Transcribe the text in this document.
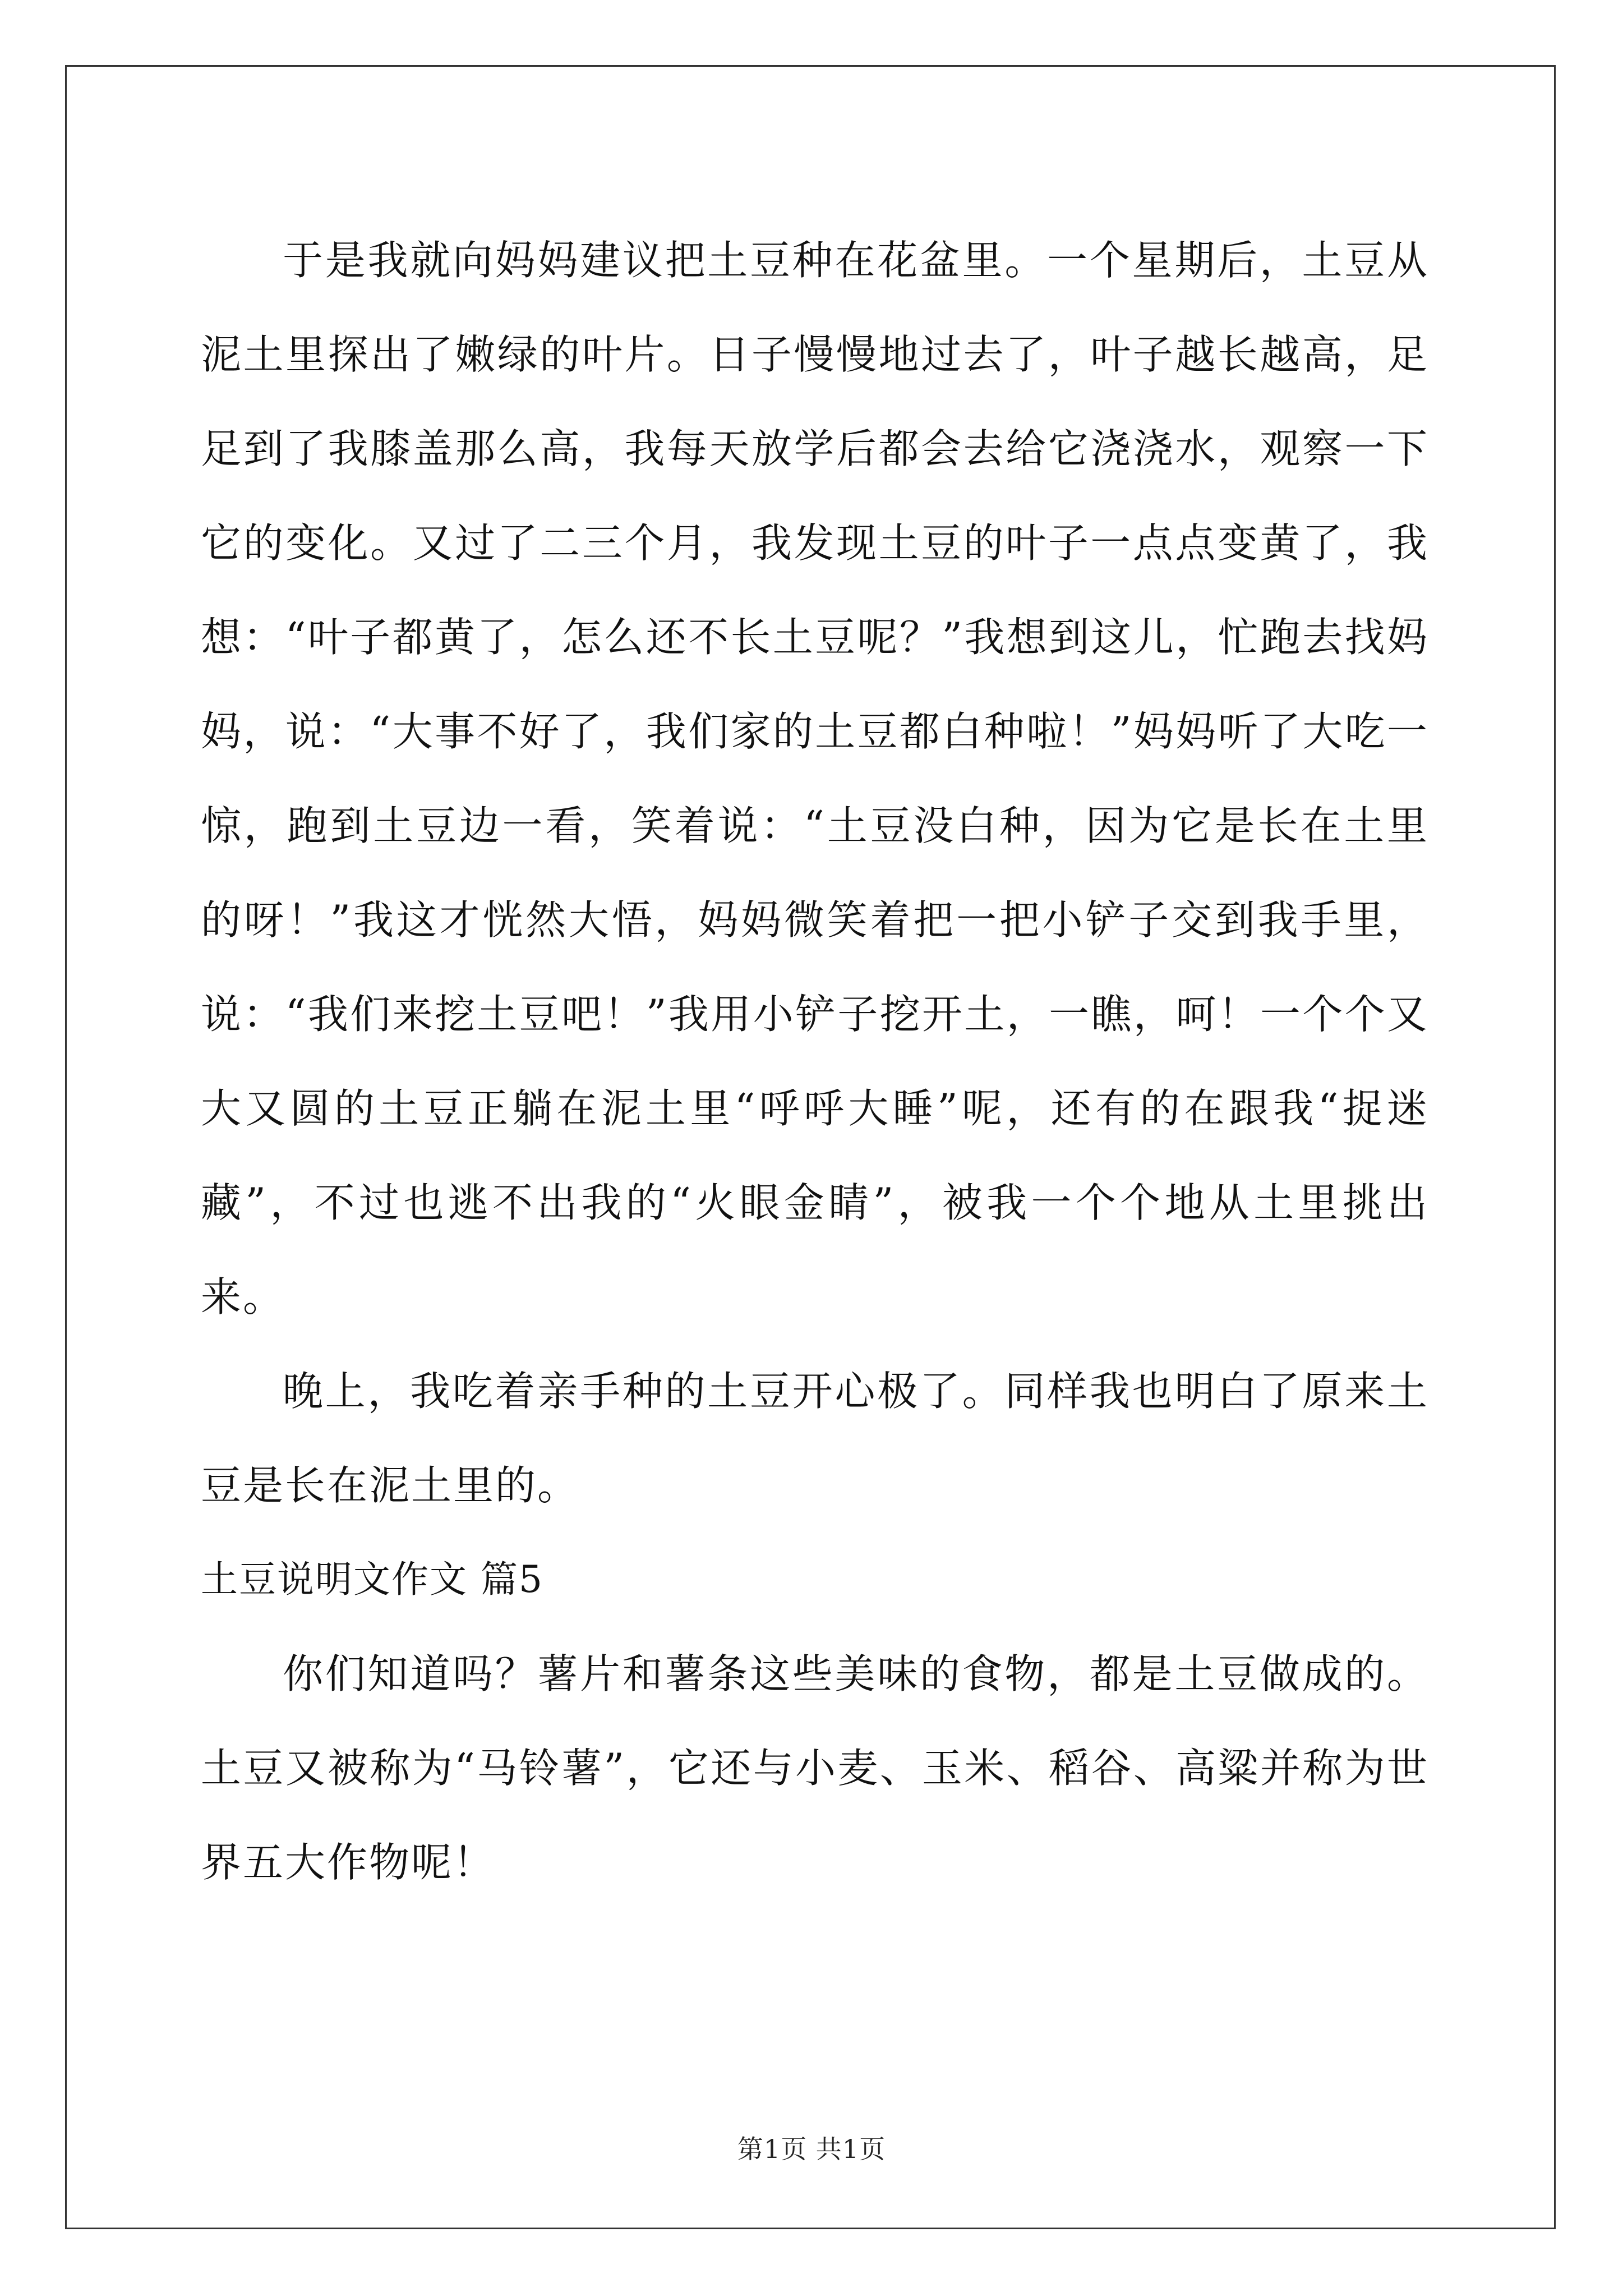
于是我就向妈妈建议把土豆种在花盆里。一个星期后，土豆从泥土里探出了嫩绿的叶片。日子慢慢地过去了，叶子越长越高，足足到了我膝盖那么高，我每天放学后都会去给它浇浇水，观察一下它的变化。又过了二三个月，我发现土豆的叶子一点点变黄了，我想：“叶子都黄了，怎么还不长土豆呢？”我想到这儿，忙跑去找妈妈，说：“大事不好了，我们家的土豆都白种啦！”妈妈听了大吃一惊，跑到土豆边一看，笑着说：“土豆没白种，因为它是长在土里的呀！”我这才恍然大悟，妈妈微笑着把一把小铲子交到我手里，说：“我们来挖土豆吧！”我用小铲子挖开土，一瞧，呵！一个个又大又圆的土豆正躺在泥土里“呼呼大睡”呢，还有的在跟我“捉迷藏”，不过也逃不出我的“火眼金睛”，被我一个个地从土里挑出来。

晚上，我吃着亲手种的土豆开心极了。同样我也明白了原来土豆是长在泥土里的。

土豆说明文作文 篇5

你们知道吗？薯片和薯条这些美味的食物，都是土豆做成的。土豆又被称为“马铃薯”，它还与小麦、玉米、稻谷、高粱并称为世界五大作物呢！

第1页 共1页
